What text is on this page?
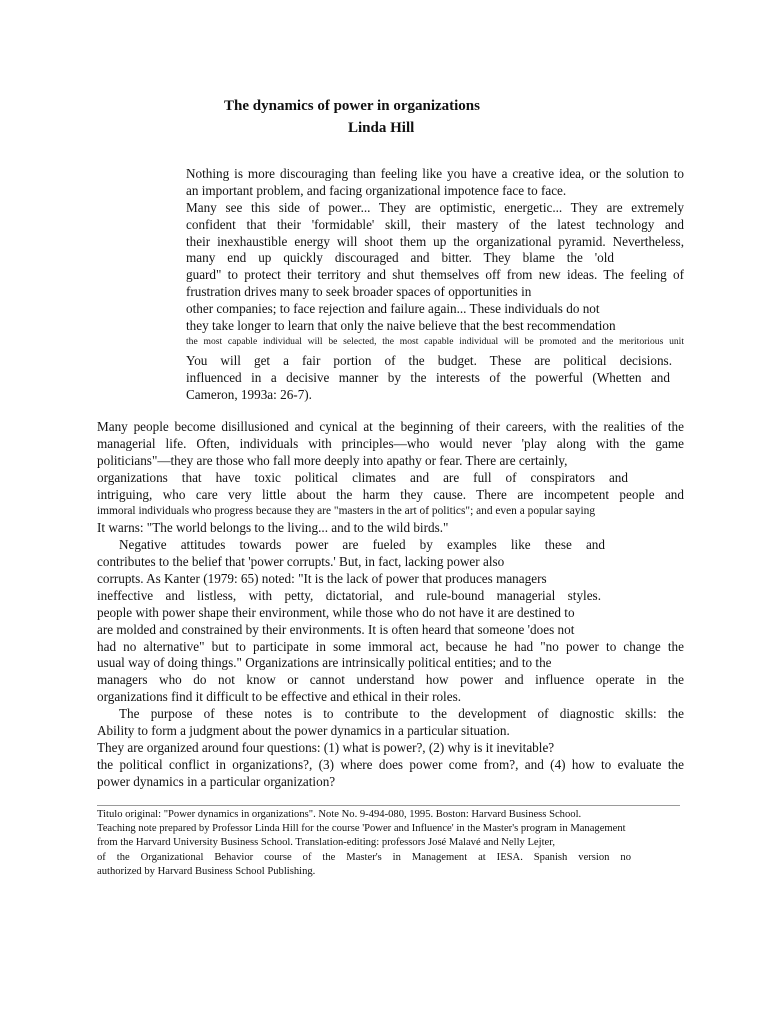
The dynamics of power in organizations
Linda Hill
Nothing is more discouraging than feeling like you have a creative idea, or the solution to
an important problem, and facing organizational impotence face to face.
Many see this side of power... They are optimistic, energetic... They are extremely
confident that their 'formidable' skill, their mastery of the latest technology and
their inexhaustible energy will shoot them up the organizational pyramid. Nevertheless,
many end up quickly discouraged and bitter. They blame the 'old
guard" to protect their territory and shut themselves off from new ideas. The feeling of
frustration drives many to seek broader spaces of opportunities in
other companies; to face rejection and failure again... These individuals do not
they take longer to learn that only the naive believe that the best recommendation
the most capable individual will be selected, the most capable individual will be promoted and the meritorious unit
You will get a fair portion of the budget. These are political decisions.
influenced in a decisive manner by the interests of the powerful (Whetten and
Cameron, 1993a: 26-7).
Many people become disillusioned and cynical at the beginning of their careers, with the realities of the
managerial life. Often, individuals with principles—who would never 'play along with the game
politicians"—they are those who fall more deeply into apathy or fear. There are certainly,
organizations that have toxic political climates and are full of conspirators and
intriguing, who care very little about the harm they cause. There are incompetent people and
immoral individuals who progress because they are "masters in the art of politics"; and even a popular saying
It warns: "The world belongs to the living... and to the wild birds."
Negative attitudes towards power are fueled by examples like these and
contributes to the belief that 'power corrupts.' But, in fact, lacking power also
corrupts. As Kanter (1979: 65) noted: "It is the lack of power that produces managers
ineffective and listless, with petty, dictatorial, and rule-bound managerial styles.
people with power shape their environment, while those who do not have it are destined to
are molded and constrained by their environments. It is often heard that someone 'does not
had no alternative" but to participate in some immoral act, because he had "no power to change the
usual way of doing things." Organizations are intrinsically political entities; and to the
managers who do not know or cannot understand how power and influence operate in the
organizations find it difficult to be effective and ethical in their roles.
The purpose of these notes is to contribute to the development of diagnostic skills: the
Ability to form a judgment about the power dynamics in a particular situation.
They are organized around four questions: (1) what is power?, (2) why is it inevitable?
the political conflict in organizations?, (3) where does power come from?, and (4) how to evaluate the
power dynamics in a particular organization?
Titulo original: "Power dynamics in organizations". Note No. 9-494-080, 1995. Boston: Harvard Business School.
Teaching note prepared by Professor Linda Hill for the course 'Power and Influence' in the Master's program in Management
from the Harvard University Business School. Translation-editing: professors José Malavé and Nelly Lejter,
of the Organizational Behavior course of the Master's in Management at IESA. Spanish version no
authorized by Harvard Business School Publishing.
